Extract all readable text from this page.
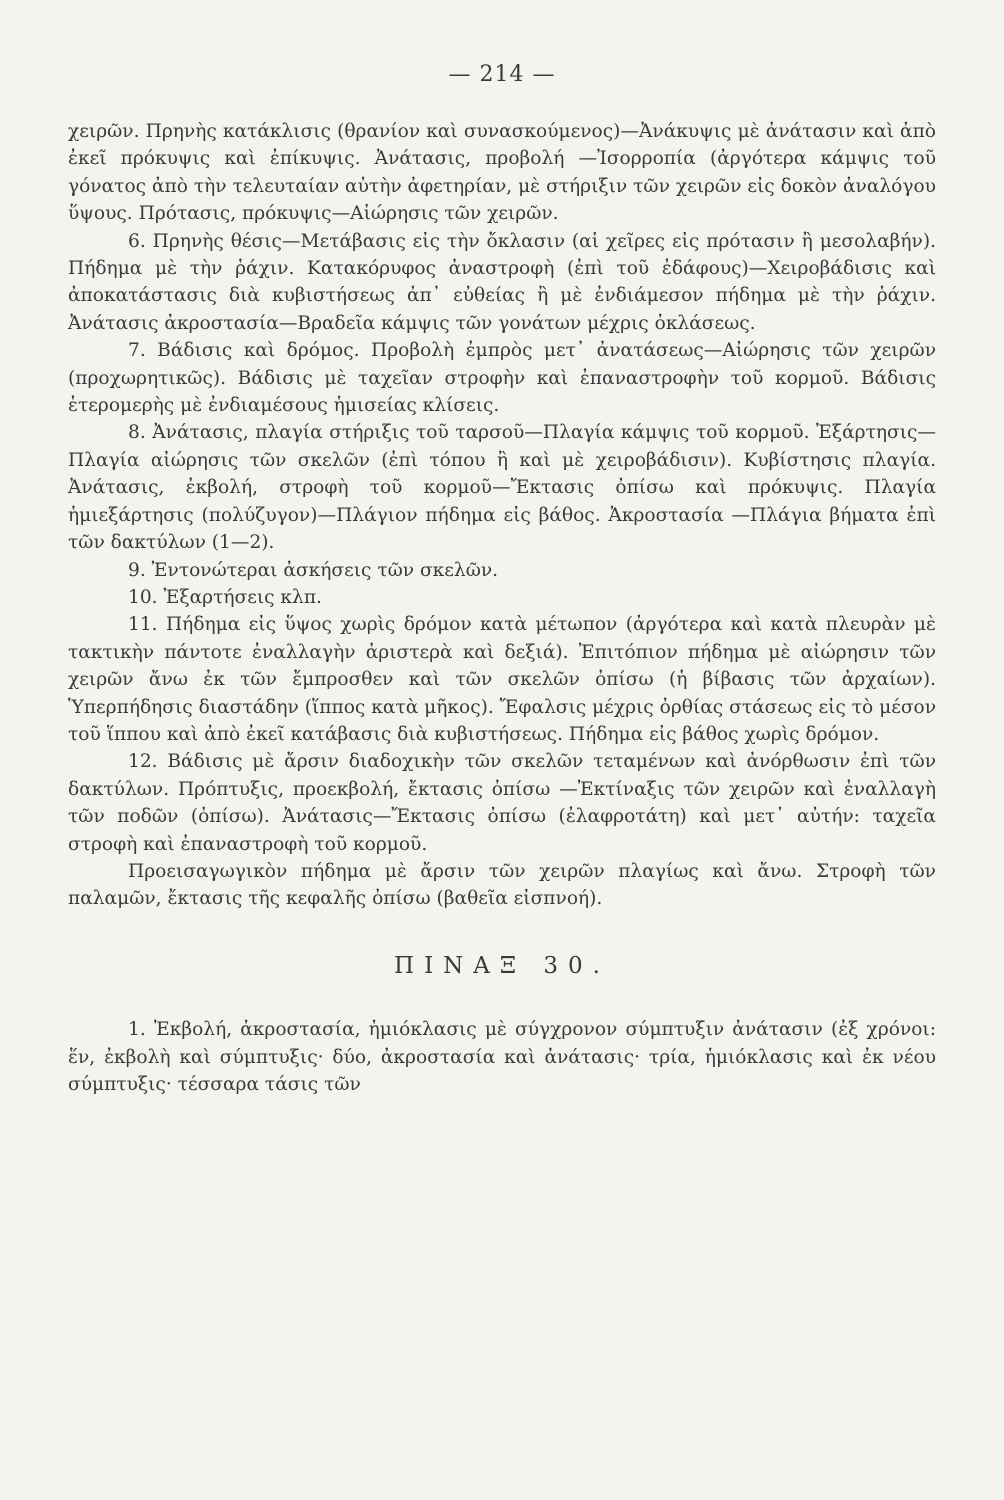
— 214 —

χειρῶν. Πρηνὴς κατάκλισις (θρανίον καὶ συνασκούμενος)—Ἀνάκυψις μὲ ἀνάτασιν καὶ ἀπὸ ἐκεῖ πρόκυψις καὶ ἐπίκυψις. Ἀνάτασις, προβολή —Ἰσορροπία (ἀργότερα κάμψις τοῦ γόνατος ἀπὸ τὴν τελευταίαν αὐτὴν ἀφετηρίαν, μὲ στήριξιν τῶν χειρῶν εἰς δοκὸν ἀναλόγου ὕψους. Πρότασις, πρόκυψις—Αἰώρησις τῶν χειρῶν.

6. Πρηνὴς θέσις—Μετάβασις εἰς τὴν ὄκλασιν (αἱ χεῖρες εἰς πρότασιν ἢ μεσολαβήν). Πήδημα μὲ τὴν ῥάχιν. Κατακόρυφος ἀναστροφὴ (ἐπὶ τοῦ ἐδάφους)—Χειροβάδισις καὶ ἀποκατάστασις διὰ κυβιστήσεως ἀπ᾽ εὐθείας ἢ μὲ ἐνδιάμεσον πήδημα μὲ τὴν ῥάχιν. Ἀνάτασις ἀκροστασία—Βραδεῖα κάμψις τῶν γονάτων μέχρις ὀκλάσεως.

7. Βάδισις καὶ δρόμος. Προβολὴ ἐμπρὸς μετ᾽ ἀνατάσεως—Αἰώρησις τῶν χειρῶν (προχωρητικῶς). Βάδισις μὲ ταχεῖαν στροφὴν καὶ ἐπαναστροφὴν τοῦ κορμοῦ. Βάδισις ἑτερομερὴς μὲ ἐνδιαμέσους ἡμισείας κλίσεις.

8. Ἀνάτασις, πλαγία στήριξις τοῦ ταρσοῦ—Πλαγία κάμψις τοῦ κορμοῦ. Ἐξάρτησις—Πλαγία αἰώρησις τῶν σκελῶν (ἐπὶ τόπου ἢ καὶ μὲ χειροβάδισιν). Κυβίστησις πλαγία. Ἀνάτασις, ἐκβολή, στροφὴ τοῦ κορμοῦ—Ἔκτασις ὀπίσω καὶ πρόκυψις. Πλαγία ἡμιεξάρτησις (πολύζυγον)—Πλάγιον πήδημα εἰς βάθος. Ἀκροστασία —Πλάγια βήματα ἐπὶ τῶν δακτύλων (1—2).

9. Ἐντονώτεραι ἀσκήσεις τῶν σκελῶν.

10. Ἐξαρτήσεις κλπ.

11. Πήδημα εἰς ὕψος χωρὶς δρόμον κατὰ μέτωπον (ἀργότερα καὶ κατὰ πλευρὰν μὲ τακτικὴν πάντοτε ἐναλλαγὴν ἀριστερὰ καὶ δεξιά). Ἐπιτόπιον πήδημα μὲ αἰώρησιν τῶν χειρῶν ἄνω ἐκ τῶν ἔμπροσθεν καὶ τῶν σκελῶν ὀπίσω (ἡ βίβασις τῶν ἀρχαίων). Ὑπερπήδησις διαστάδην (ἵππος κατὰ μῆκος). Ἔφαλσις μέχρις ὀρθίας στάσεως εἰς τὸ μέσον τοῦ ἵππου καὶ ἀπὸ ἐκεῖ κατάβασις διὰ κυβιστήσεως. Πήδημα εἰς βάθος χωρὶς δρόμον.

12. Βάδισις μὲ ἄρσιν διαδοχικὴν τῶν σκελῶν τεταμένων καὶ ἀνόρθωσιν ἐπὶ τῶν δακτύλων. Πρόπτυξις, προεκβολή, ἔκτασις ὀπίσω —Ἐκτίναξις τῶν χειρῶν καὶ ἐναλλαγὴ τῶν ποδῶν (ὀπίσω). Ἀνάτασις—Ἔκτασις ὀπίσω (ἐλαφροτάτη) καὶ μετ᾽ αὐτήν: ταχεῖα στροφὴ καὶ ἐπαναστροφὴ τοῦ κορμοῦ.

Προεισαγωγικὸν πήδημα μὲ ἄρσιν τῶν χειρῶν πλαγίως καὶ ἄνω. Στροφὴ τῶν παλαμῶν, ἔκτασις τῆς κεφαλῆς ὀπίσω (βαθεῖα εἰσπνοή).

ΠΙΝΑΞ 30.

1. Ἐκβολή, ἀκροστασία, ἡμιόκλασις μὲ σύγχρονον σύμπτυξιν ἀνάτασιν (ἐξ χρόνοι: ἕν, ἐκβολὴ καὶ σύμπτυξις· δύο, ἀκροστασία καὶ ἀνάτασις· τρία, ἡμιόκλασις καὶ ἐκ νέου σύμπτυξις· τέσσαρα τάσις τῶν
